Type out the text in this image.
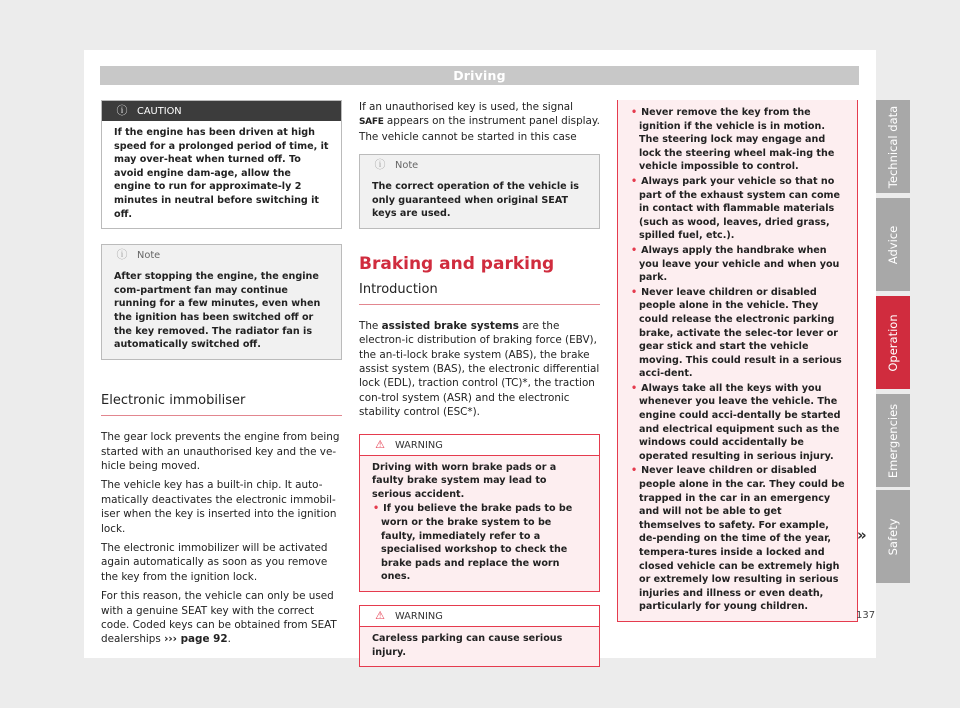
Driving
ⓘ CAUTION
If the engine has been driven at high speed for a prolonged period of time, it may over-heat when turned off. To avoid engine dam-age, allow the engine to run for approximate-ly 2 minutes in neutral before switching it off.
ⓘ Note
After stopping the engine, the engine com-partment fan may continue running for a few minutes, even when the ignition has been switched off or the key removed. The radiator fan is automatically switched off.
Electronic immobiliser

The gear lock prevents the engine from being started with an unauthorised key and the ve-hicle being moved.

The vehicle key has a built-in chip. It auto-matically deactivates the electronic immobil-iser when the key is inserted into the ignition lock.

The electronic immobilizer will be activated again automatically as soon as you remove the key from the ignition lock.

For this reason, the vehicle can only be used with a genuine SEAT key with the correct code. Coded keys can be obtained from SEAT dealerships ››› page 92.

If an unauthorised key is used, the signal SAFE appears on the instrument panel display. The vehicle cannot be started in this case

ⓘ Note
The correct operation of the vehicle is only guaranteed when original SEAT keys are used.
Braking and parking
Introduction

The assisted brake systems are the electron-ic distribution of braking force (EBV), the an-ti-lock brake system (ABS), the brake assist system (BAS), the electronic differential lock (EDL), traction control (TC)*, the traction con-trol system (ASR) and the electronic stability control (ESC*).

⚠ WARNING
Driving with worn brake pads or a faulty brake system may lead to serious accident.
• If you believe the brake pads to be worn or the brake system to be faulty, immediately refer to a specialised workshop to check the brake pads and replace the worn ones.
⚠ WARNING
Careless parking can cause serious injury.
• Never remove the key from the ignition if the vehicle is in motion. The steering lock may engage and lock the steering wheel mak-ing the vehicle impossible to control.
• Always park your vehicle so that no part of the exhaust system can come in contact with flammable materials (such as wood, leaves, dried grass, spilled fuel, etc.).
• Always apply the handbrake when you leave your vehicle and when you park.
• Never leave children or disabled people alone in the vehicle. They could release the electronic parking brake, activate the selec-tor lever or gear stick and start the vehicle moving. This could result in a serious acci-dent.
• Always take all the keys with you whenever you leave the vehicle. The engine could acci-dentally be started and electrical equipment such as the windows could accidentally be operated resulting in serious injury.
• Never leave children or disabled people alone in the car. They could be trapped in the car in an emergency and will not be able to get themselves to safety. For example, de-pending on the time of the year, tempera-tures inside a locked and closed vehicle can be extremely high or extremely low resulting in serious injuries and illness or even death, particularly for young children.
»
Technical data
Advice
Operation
Emergencies
Safety
137
